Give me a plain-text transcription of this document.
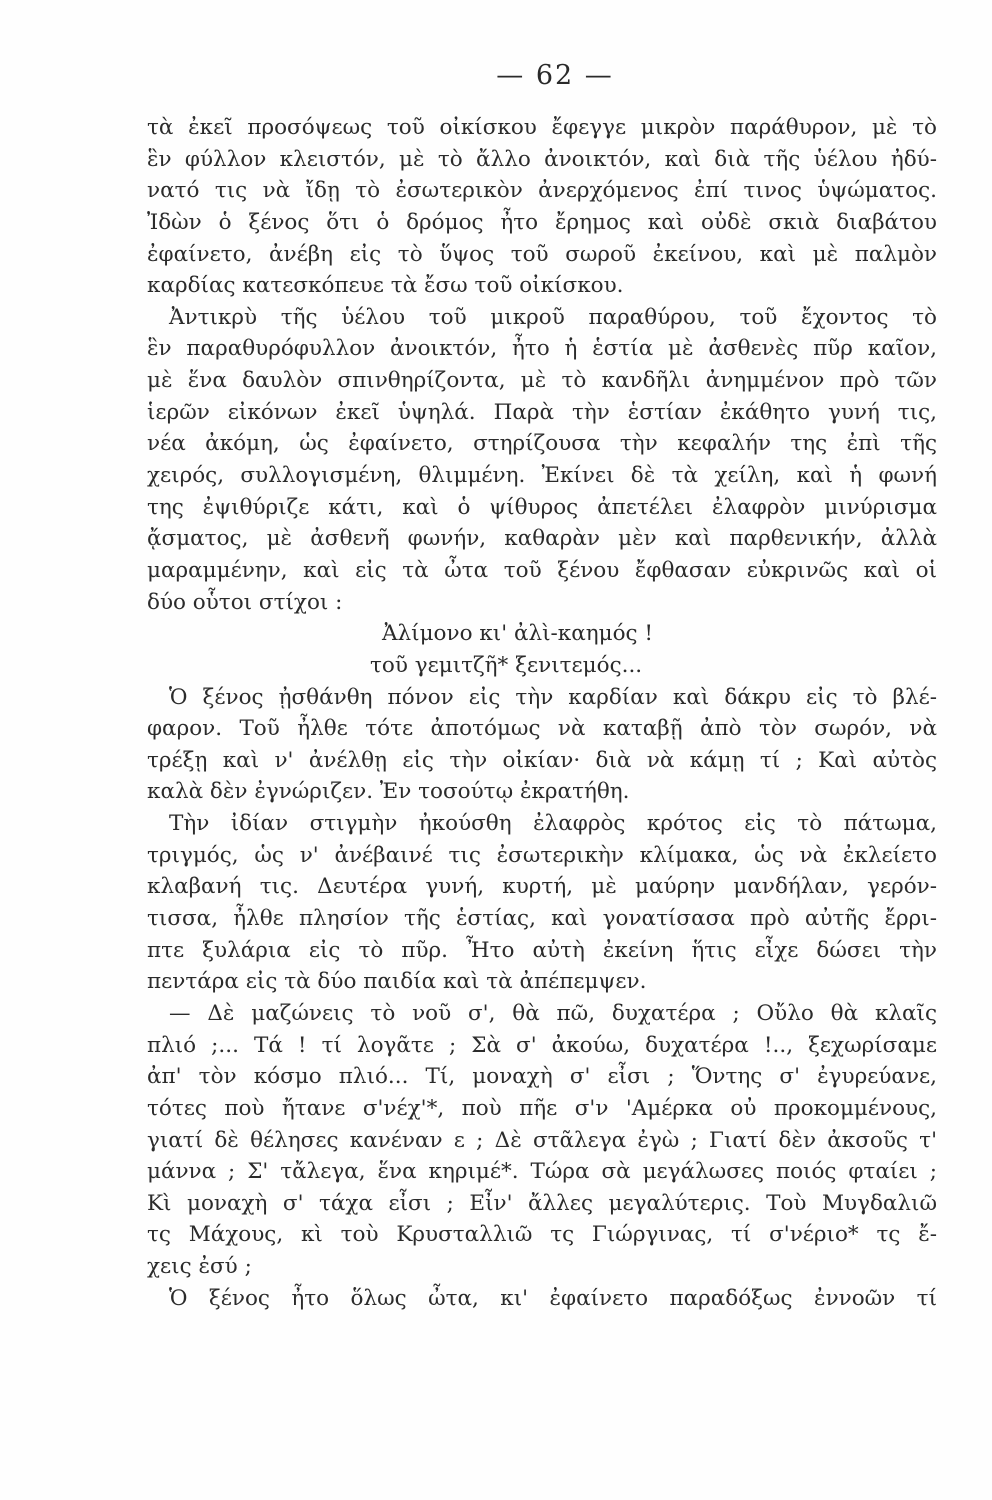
— 62 —
τὰ ἐκεῖ προσόψεως τοῦ οἰκίσκου ἔφεγγε μικρὸν παράθυρον, μὲ τὸ
ἓν φύλλον κλειστόν, μὲ τὸ ἄλλο ἀνοικτόν, καὶ διὰ τῆς ὑέλου ἠδύ-
νατό τις νὰ ἴδῃ τὸ ἐσωτερικὸν ἀνερχόμενος ἐπί τινος ὑψώματος.
Ἰδὼν ὁ ξένος ὅτι ὁ δρόμος ἦτο ἔρημος καὶ οὐδὲ σκιὰ διαβάτου
ἐφαίνετο, ἀνέβη εἰς τὸ ὕψος τοῦ σωροῦ ἐκείνου, καὶ μὲ παλμὸν
καρδίας κατεσκόπευε τὰ ἔσω τοῦ οἰκίσκου.
Ἀντικρὺ τῆς ὑέλου τοῦ μικροῦ παραθύρου, τοῦ ἔχοντος τὸ
ἓν παραθυρόφυλλον ἀνοικτόν, ἦτο ἡ ἑστία μὲ ἀσθενὲς πῦρ καῖον,
μὲ ἕνα δαυλὸν σπινθηρίζοντα, μὲ τὸ κανδῆλι ἀνημμένον πρὸ τῶν
ἱερῶν εἰκόνων ἐκεῖ ὑψηλά. Παρὰ τὴν ἑστίαν ἐκάθητο γυνή τις,
νέα ἀκόμη, ὡς ἐφαίνετο, στηρίζουσα τὴν κεφαλήν της ἐπὶ τῆς
χειρός, συλλογισμένη, θλιμμένη. Ἐκίνει δὲ τὰ χείλη, καὶ ἡ φωνή
της ἐψιθύριζε κάτι, καὶ ὁ ψίθυρος ἀπετέλει ἐλαφρὸν μινύρισμα
ᾄσματος, μὲ ἀσθενῆ φωνήν, καθαρὰν μὲν καὶ παρθενικήν, ἀλλὰ
μαραμμένην, καὶ εἰς τὰ ὦτα τοῦ ξένου ἔφθασαν εὐκρινῶς καὶ οἱ
δύο οὗτοι στίχοι :
Ἀλίμονο κι' ἀλὶ-καημός !
τοῦ γεμιτζῆ* ξενιτεμός...
Ὁ ξένος ᾐσθάνθη πόνον εἰς τὴν καρδίαν καὶ δάκρυ εἰς τὸ βλέ-
φαρον. Τοῦ ἦλθε τότε ἀποτόμως νὰ καταβῇ ἀπὸ τὸν σωρόν, νὰ
τρέξῃ καὶ ν' ἀνέλθῃ εἰς τὴν οἰκίαν· διὰ νὰ κάμῃ τί ; Καὶ αὐτὸς
καλὰ δὲν ἐγνώριζεν. Ἐν τοσούτῳ ἐκρατήθη.
Τὴν ἰδίαν στιγμὴν ἠκούσθη ἐλαφρὸς κρότος εἰς τὸ πάτωμα,
τριγμός, ὡς ν' ἀνέβαινέ τις ἐσωτερικὴν κλίμακα, ὡς νὰ ἐκλείετο
κλαβανή τις. Δευτέρα γυνή, κυρτή, μὲ μαύρην μανδήλαν, γερόν-
τισσα, ἦλθε πλησίον τῆς ἑστίας, καὶ γονατίσασα πρὸ αὐτῆς ἔρρι-
πτε ξυλάρια εἰς τὸ πῦρ. Ἦτο αὐτὴ ἐκείνη ἥτις εἶχε δώσει τὴν
πεντάρα εἰς τὰ δύο παιδία καὶ τὰ ἀπέπεμψεν.
— Δὲ μαζώνεις τὸ νοῦ σ', θὰ πῶ, δυχατέρα ; Οὔλο θὰ κλαῖς
πλιό ;... Τά ! τί λογᾶτε ; Σὰ σ' ἀκούω, δυχατέρα !.., ξεχωρίσαμε
ἀπ' τὸν κόσμο πλιό... Τί, μοναχὴ σ' εἶσι ; Ὅντης σ' ἐγυρεύανε,
τότες ποὺ ἤτανε σ'νέχ'*, ποὺ πῆε σ'ν 'Αμέρκα οὐ προκομμένους,
γιατί δὲ θέλησες κανέναν ε ; Δὲ στᾶλεγα ἐγὼ ; Γιατί δὲν ἀκσοῦς τ'
μάννα ; Σ' τἄλεγα, ἕνα κηριμέ*. Τώρα σὰ μεγάλωσες ποιός φταίει ;
Κὶ μοναχὴ σ' τάχα εἶσι ; Εἶν' ἄλλες μεγαλύτερις. Τοὺ Μυγδαλιῶ
τς Μάχους, κὶ τοὺ Κρυσταλλιῶ τς Γιώργινας, τί σ'νέριο* τς ἔ-
χεις ἐσύ ;
Ὁ ξένος ἦτο ὅλως ὦτα, κι' ἐφαίνετο παραδόξως ἐννοῶν τί
